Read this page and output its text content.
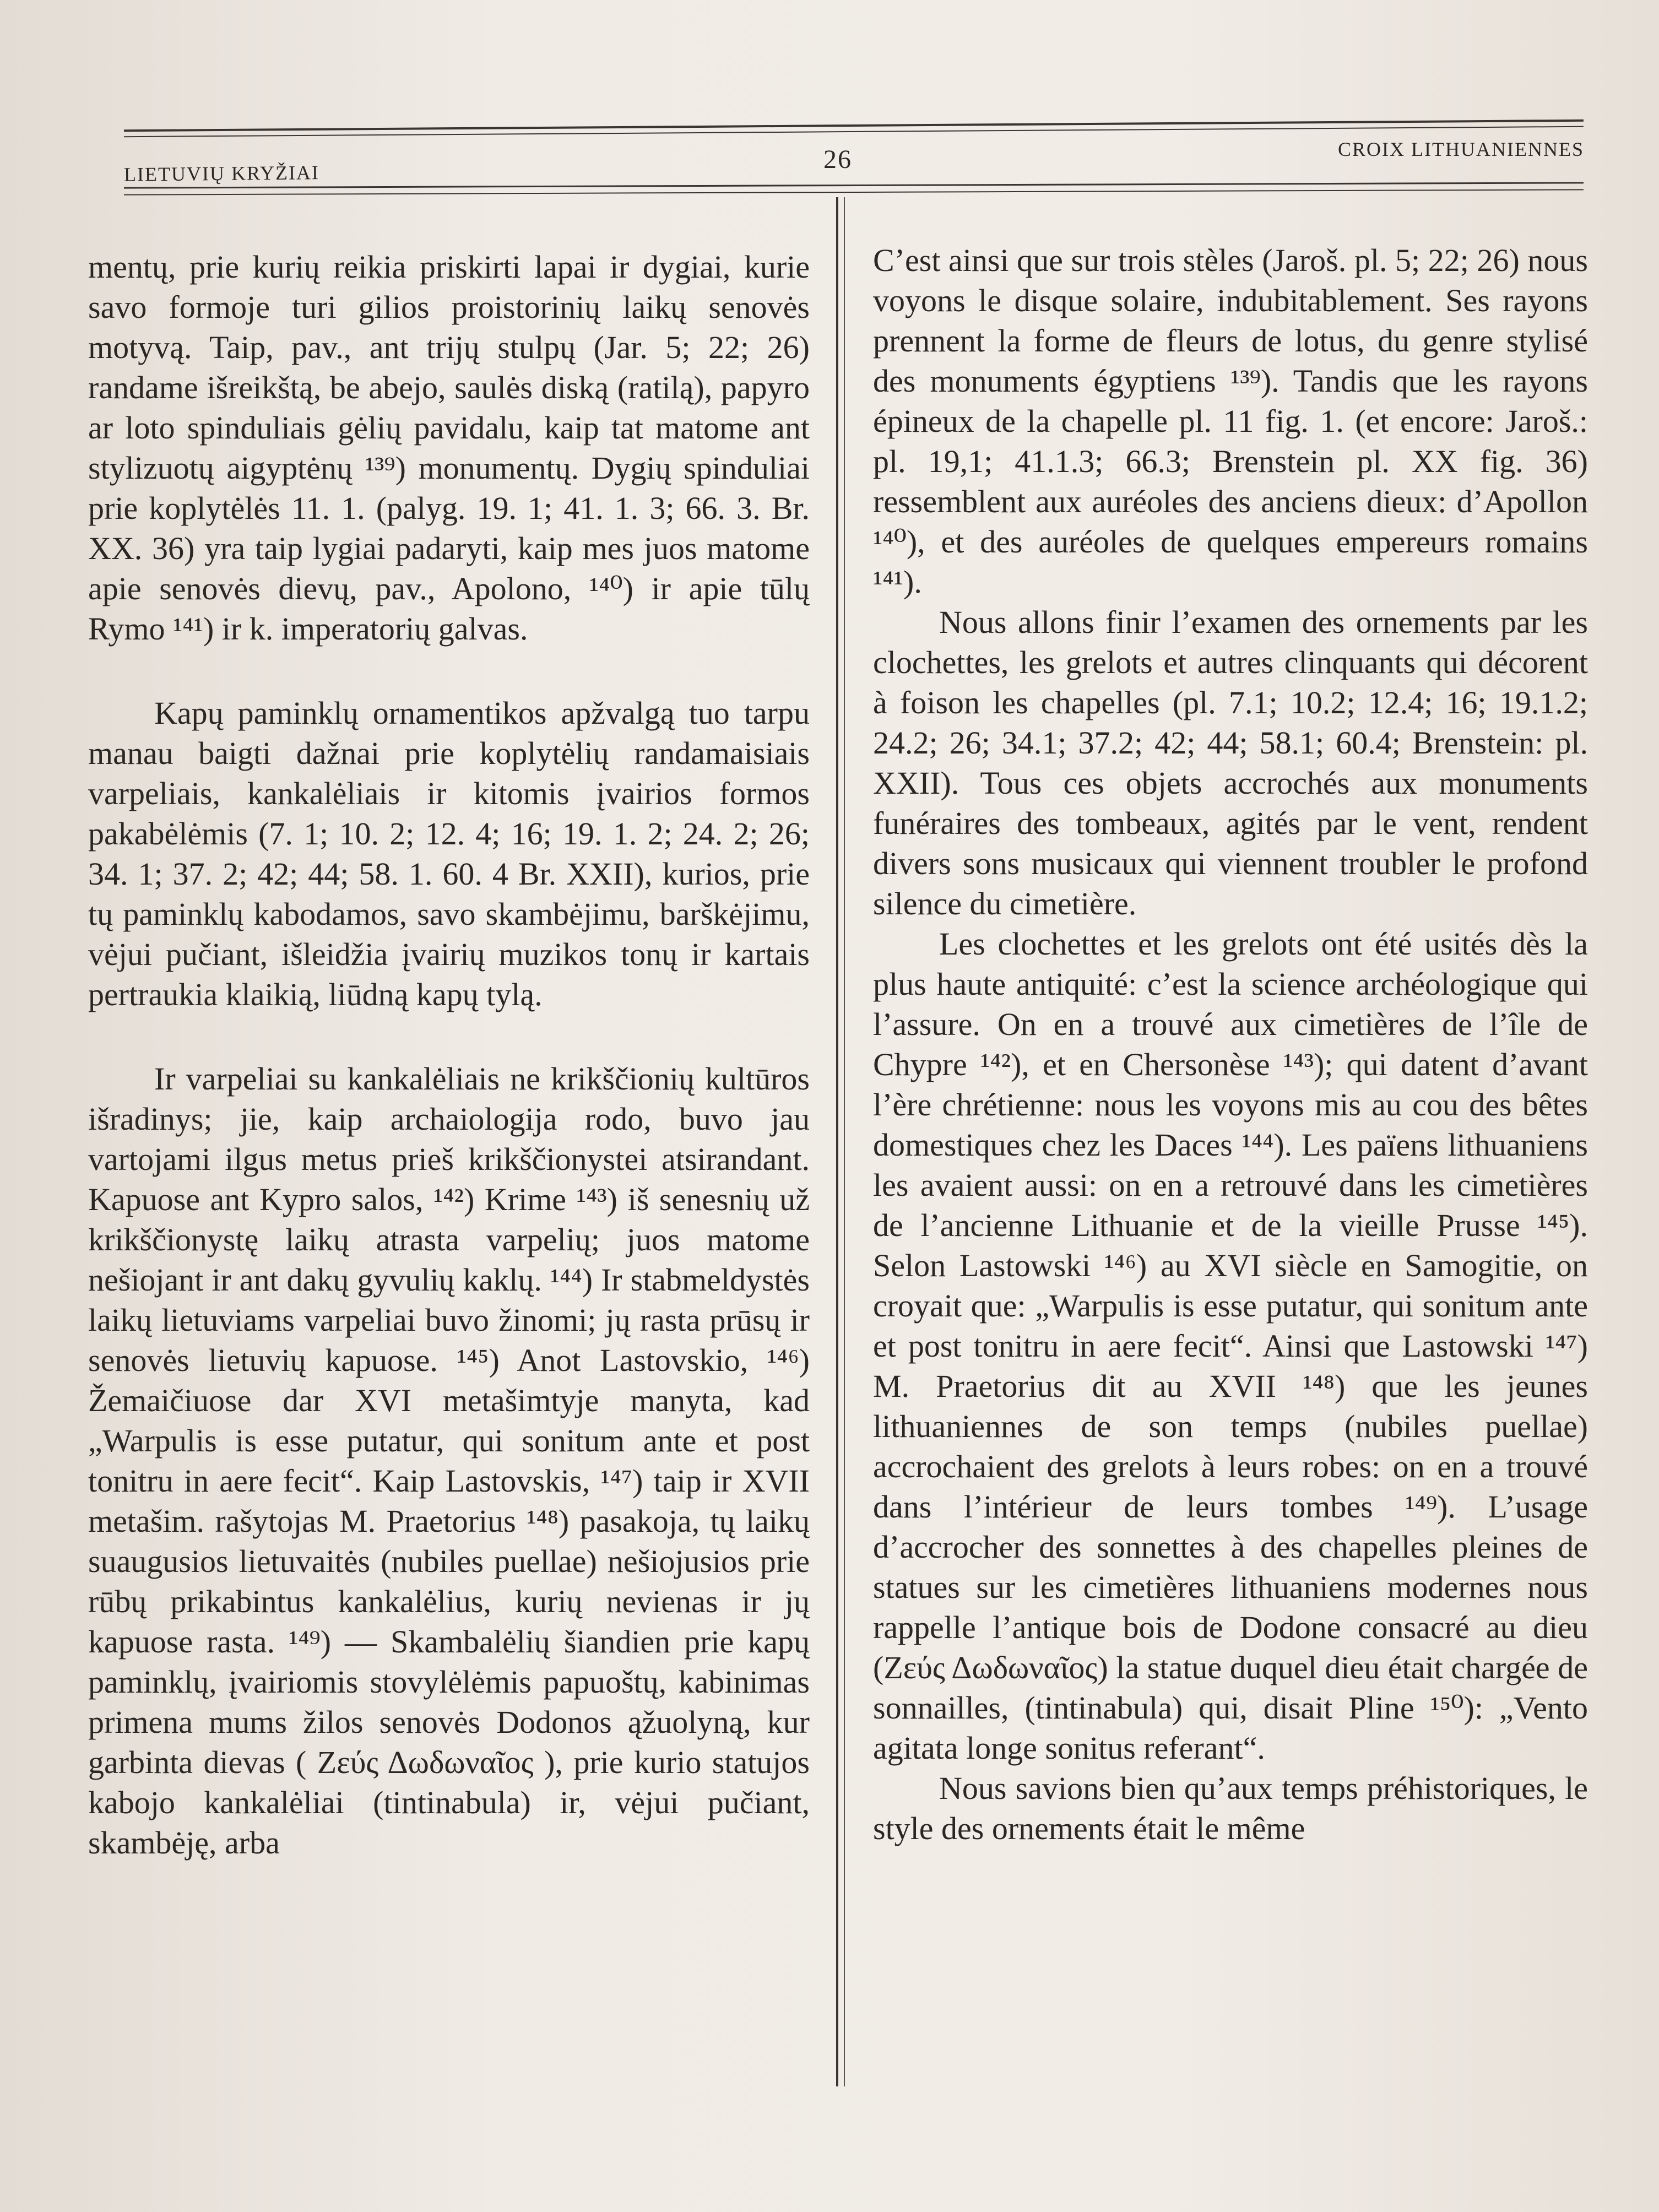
LIETUVIŲ KRYŽIAI	26	CROIX LITHUANIENNES

mentų, prie kurių reikia priskirti lapai ir dygiai, kurie savo formoje turi gilios proistorinių laikų senovės motyvą. Taip, pav., ant trijų stulpų (Jar. 5; 22; 26) randame išreikštą, be abejo, saulės diską (ratilą), papyro ar loto spinduliais gėlių pavidalu, kaip tat matome ant stylizuotų aigyptėnų ¹³⁹) monumentų. Dygių spinduliai prie koplytėlės 11. 1. (palyg. 19. 1; 41. 1. 3; 66. 3. Br. XX. 36) yra taip lygiai padaryti, kaip mes juos matome apie senovės dievų, pav., Apolono, ¹⁴⁰) ir apie tūlų Rymo ¹⁴¹) ir k. imperatorių galvas.

Kapų paminklų ornamentikos apžvalgą tuo tarpu manau baigti dažnai prie koplytėlių randamaisiais varpeliais, kankalėliais ir kitomis įvairios formos pakabėlėmis (7. 1; 10. 2; 12. 4; 16; 19. 1. 2; 24. 2; 26; 34. 1; 37. 2; 42; 44; 58. 1. 60. 4 Br. XXII), kurios, prie tų paminklų kabodamos, savo skambėjimu, barškėjimu, vėjui pučiant, išleidžia įvairių muzikos tonų ir kartais pertraukia klaikią, liūdną kapų tylą.

Ir varpeliai su kankalėliais ne krikščionių kultūros išradinys; jie, kaip archaiologija rodo, buvo jau vartojami ilgus metus prieš krikščionystei atsirandant. Kapuose ant Kypro salos, ¹⁴²) Krime ¹⁴³) iš senesnių už krikščionystę laikų atrasta varpelių; juos matome nešiojant ir ant dakų gyvulių kaklų. ¹⁴⁴) Ir stabmeldystės laikų lietuviams varpeliai buvo žinomi; jų rasta prūsų ir senovės lietuvių kapuose. ¹⁴⁵) Anot Lastovskio, ¹⁴⁶) Žemaičiuose dar XVI metašimtyje manyta, kad „Warpulis is esse putatur, qui sonitum ante et post tonitru in aere fecit“. Kaip Lastovskis, ¹⁴⁷) taip ir XVII metašim. rašytojas M. Praetorius ¹⁴⁸) pasakoja, tų laikų suaugusios lietuvaitės (nubiles puellae) nešiojusios prie rūbų prikabintus kankalėlius, kurių nevienas ir jų kapuose rasta. ¹⁴⁹) — Skambalėlių šiandien prie kapų paminklų, įvairiomis stovylėlėmis papuoštų, kabinimas primena mums žilos senovės Dodonos ąžuolyną, kur garbinta dievas ( Ζεύς Δωδωναῖος ), prie kurio statujos kabojo kankalėliai (tintinabula) ir, vėjui pučiant, skambėję, arba

C’est ainsi que sur trois stèles (Jaroš. pl. 5; 22; 26) nous voyons le disque solaire, indubitablement. Ses rayons prennent la forme de fleurs de lotus, du genre stylisé des monuments égyptiens ¹³⁹). Tandis que les rayons épineux de la chapelle pl. 11 fig. 1. (et encore: Jaroš.: pl. 19,1; 41.1.3; 66.3; Brenstein pl. XX fig. 36) ressemblent aux auréoles des anciens dieux: d’Apollon ¹⁴⁰), et des auréoles de quelques empereurs romains ¹⁴¹).

Nous allons finir l’examen des ornements par les clochettes, les grelots et autres clinquants qui décorent à foison les chapelles (pl. 7.1; 10.2; 12.4; 16; 19.1.2; 24.2; 26; 34.1; 37.2; 42; 44; 58.1; 60.4; Brenstein: pl. XXII). Tous ces objets accrochés aux monuments funéraires des tombeaux, agités par le vent, rendent divers sons musicaux qui viennent troubler le profond silence du cimetière.

Les clochettes et les grelots ont été usités dès la plus haute antiquité: c’est la science archéologique qui l’assure. On en a trouvé aux cimetières de l’île de Chypre ¹⁴²), et en Chersonèse ¹⁴³); qui datent d’avant l’ère chrétienne: nous les voyons mis au cou des bêtes domestiques chez les Daces ¹⁴⁴). Les païens lithuaniens les avaient aussi: on en a retrouvé dans les cimetières de l’ancienne Lithuanie et de la vieille Prusse ¹⁴⁵). Selon Lastowski ¹⁴⁶) au XVI siècle en Samogitie, on croyait que: „Warpulis is esse putatur, qui sonitum ante et post tonitru in aere fecit“. Ainsi que Lastowski ¹⁴⁷) M. Praetorius dit au XVII ¹⁴⁸) que les jeunes lithuaniennes de son temps (nubiles puellae) accrochaient des grelots à leurs robes: on en a trouvé dans l’intérieur de leurs tombes ¹⁴⁹). L’usage d’accrocher des sonnettes à des chapelles pleines de statues sur les cimetières lithuaniens modernes nous rappelle l’antique bois de Dodone consacré au dieu (Ζεύς Δωδωναῖος) la statue duquel dieu était chargée de sonnailles, (tintinabula) qui, disait Pline ¹⁵⁰): „Vento agitata longe sonitus referant“.

Nous savions bien qu’aux temps préhistoriques, le style des ornements était le même
